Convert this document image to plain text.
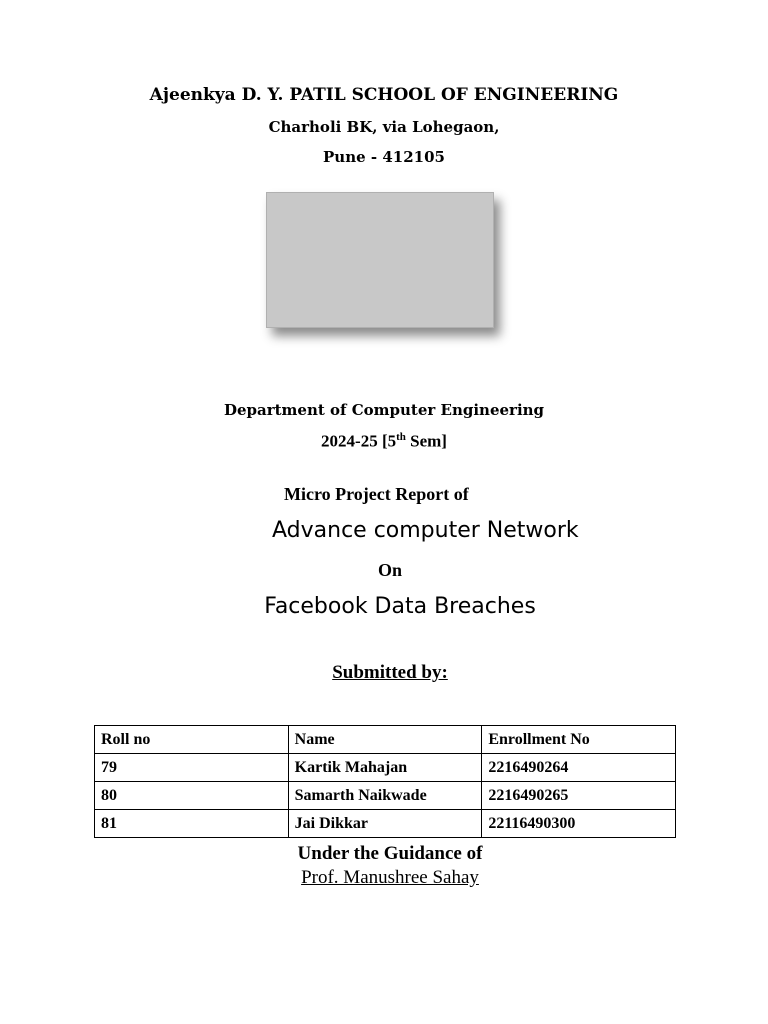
Ajeenkya D. Y. PATIL SCHOOL OF ENGINEERING
Charholi BK, via Lohegaon,
Pune - 412105
Department of Computer Engineering
2024-25 [5th Sem]
Micro Project Report of
Advance computer Network
On
Facebook Data Breaches
Submitted by:
Roll no	Name	Enrollment No
79	Kartik Mahajan	2216490264
80	Samarth Naikwade	2216490265
81	Jai Dikkar	22116490300
Under the Guidance of
Prof. Manushree Sahay
